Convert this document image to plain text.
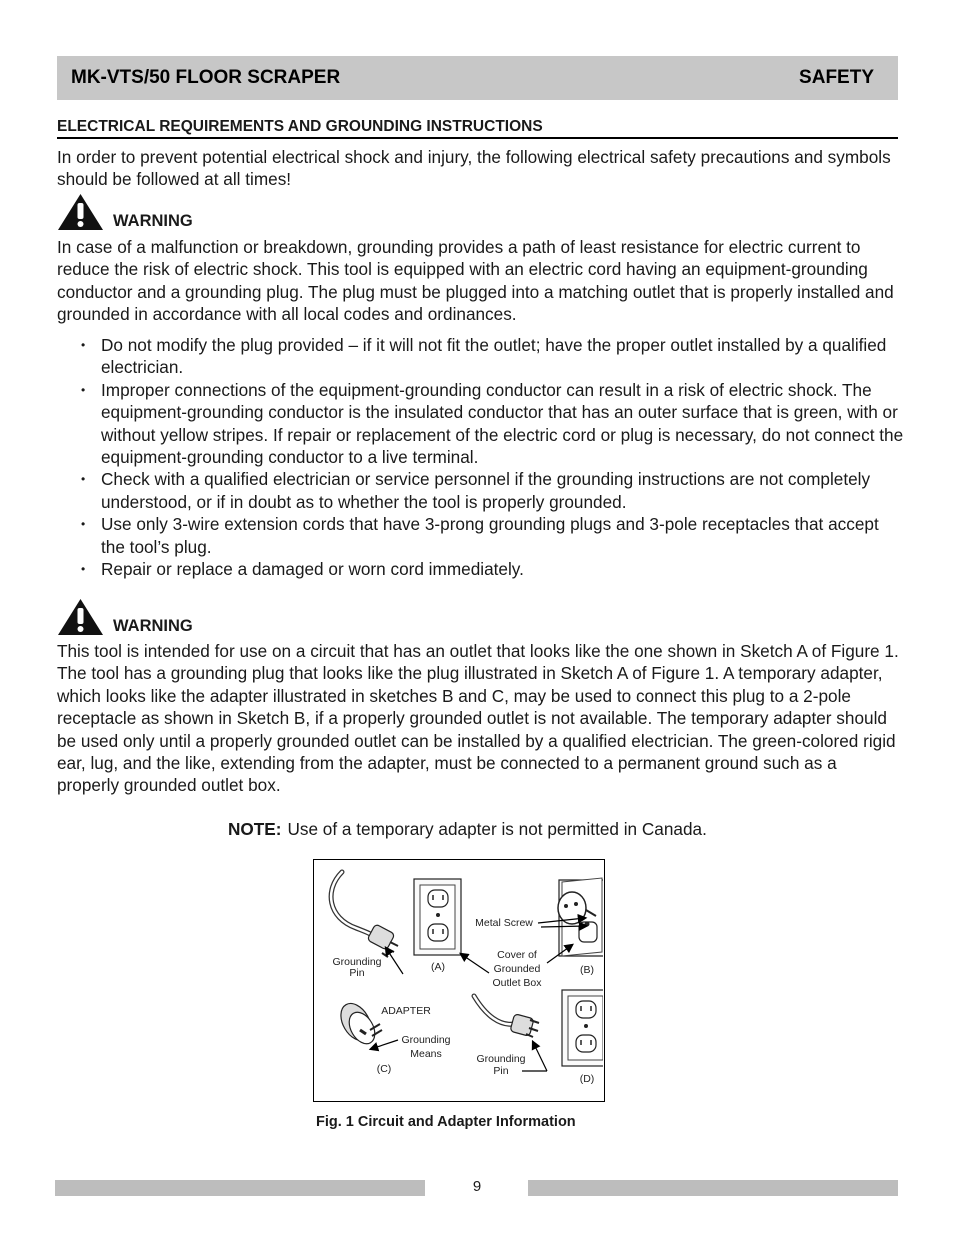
MK-VTS/50 FLOOR SCRAPER	SAFETY
ELECTRICAL REQUIREMENTS AND GROUNDING INSTRUCTIONS

In order to prevent potential electrical shock and injury, the following electrical safety precautions and symbols should be followed at all times!

WARNING

In case of a malfunction or breakdown, grounding provides a path of least resistance for electric current to reduce the risk of electric shock. This tool is equipped with an electric cord having an equipment-grounding conductor and a grounding plug. The plug must be plugged into a matching outlet that is properly installed and grounded in accordance with all local codes and ordinances.

• Do not modify the plug provided – if it will not fit the outlet; have the proper outlet installed by a qualified electrician.
• Improper connections of the equipment-grounding conductor can result in a risk of electric shock. The equipment-grounding conductor is the insulated conductor that has an outer surface that is green, with or without yellow stripes. If repair or replacement of the electric cord or plug is necessary, do not connect the equipment-grounding conductor to a live terminal.
• Check with a qualified electrician or service personnel if the grounding instructions are not completely understood, or if in doubt as to whether the tool is properly grounded.
• Use only 3-wire extension cords that have 3-prong grounding plugs and 3-pole receptacles that accept the tool’s plug.
• Repair or replace a damaged or worn cord immediately.
WARNING

This tool is intended for use on a circuit that has an outlet that looks like the one shown in Sketch A of Figure 1. The tool has a grounding plug that looks like the plug illustrated in Sketch A of Figure 1. A temporary adapter, which looks like the adapter illustrated in sketches B and C, may be used to connect this plug to a 2-pole receptacle as shown in Sketch B, if a properly grounded outlet is not available. The temporary adapter should be used only until a properly grounded outlet can be installed by a qualified electrician. The green-colored rigid ear, lug, and the like, extending from the adapter, must be connected to a permanent ground such as a properly grounded outlet box.

NOTE: Use of a temporary adapter is not permitted in Canada.
Grounding
Pin	(A)
Metal Screw
Cover of
Grounded
Outlet Box
(B)
ADAPTER
Grounding
Means
(C)
Grounding
Pin
(D)
Fig. 1 Circuit and Adapter Information
9
